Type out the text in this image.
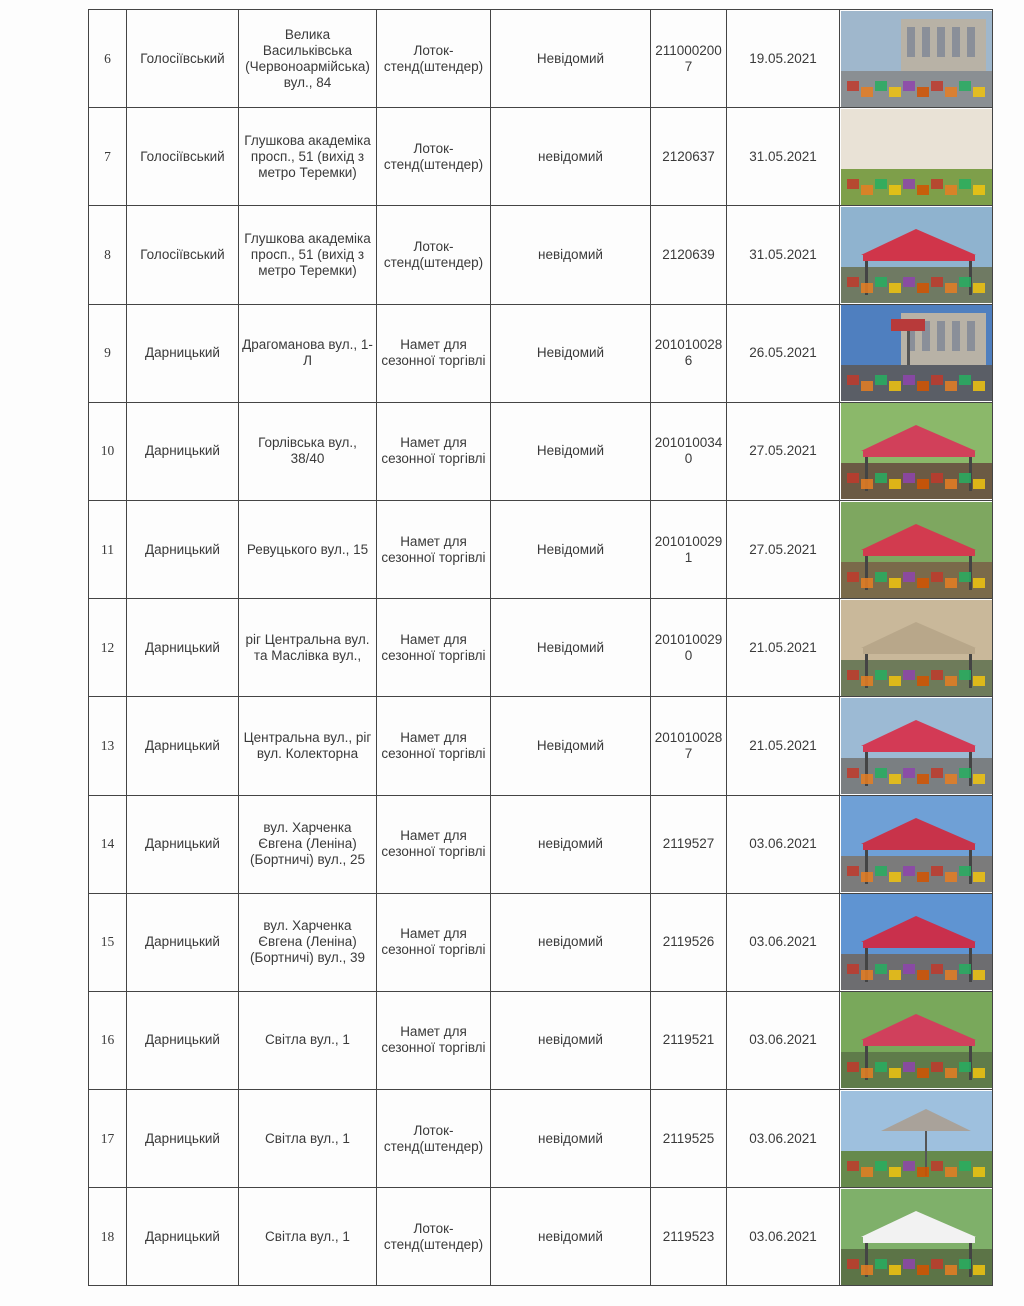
6	Голосіївський	Велика Васильківська (Червоноармійська) вул., 84	Лоток-стенд(штендер)	Невідомий	2110002007	19.05.2021	

7	Голосіївський	Глушкова академіка просп., 51 (вихід з метро Теремки)	Лоток-стенд(штендер)	невідомий	2120637	31.05.2021	

8	Голосіївський	Глушкова академіка просп., 51 (вихід з метро Теремки)	Лоток-стенд(штендер)	невідомий	2120639	31.05.2021	

9	Дарницький	Драгоманова вул., 1-Л	Намет для сезонної торгівлі	Невідомий	2010100286	26.05.2021	

10	Дарницький	Горлівська вул., 38/40	Намет для сезонної торгівлі	Невідомий	2010100340	27.05.2021	

11	Дарницький	Ревуцького вул., 15	Намет для сезонної торгівлі	Невідомий	2010100291	27.05.2021	

12	Дарницький	ріг Центральна вул. та Маслівка вул.,	Намет для сезонної торгівлі	Невідомий	2010100290	21.05.2021	

13	Дарницький	Центральна вул., ріг вул. Колекторна	Намет для сезонної торгівлі	Невідомий	2010100287	21.05.2021	

14	Дарницький	вул. Харченка Євгена (Леніна) (Бортничі) вул., 25	Намет для сезонної торгівлі	невідомий	2119527	03.06.2021	

15	Дарницький	вул. Харченка Євгена (Леніна) (Бортничі) вул., 39	Намет для сезонної торгівлі	невідомий	2119526	03.06.2021	

16	Дарницький	Світла вул., 1	Намет для сезонної торгівлі	невідомий	2119521	03.06.2021	

17	Дарницький	Світла вул., 1	Лоток-стенд(штендер)	невідомий	2119525	03.06.2021	

18	Дарницький	Світла вул., 1	Лоток-стенд(штендер)	невідомий	2119523	03.06.2021	
